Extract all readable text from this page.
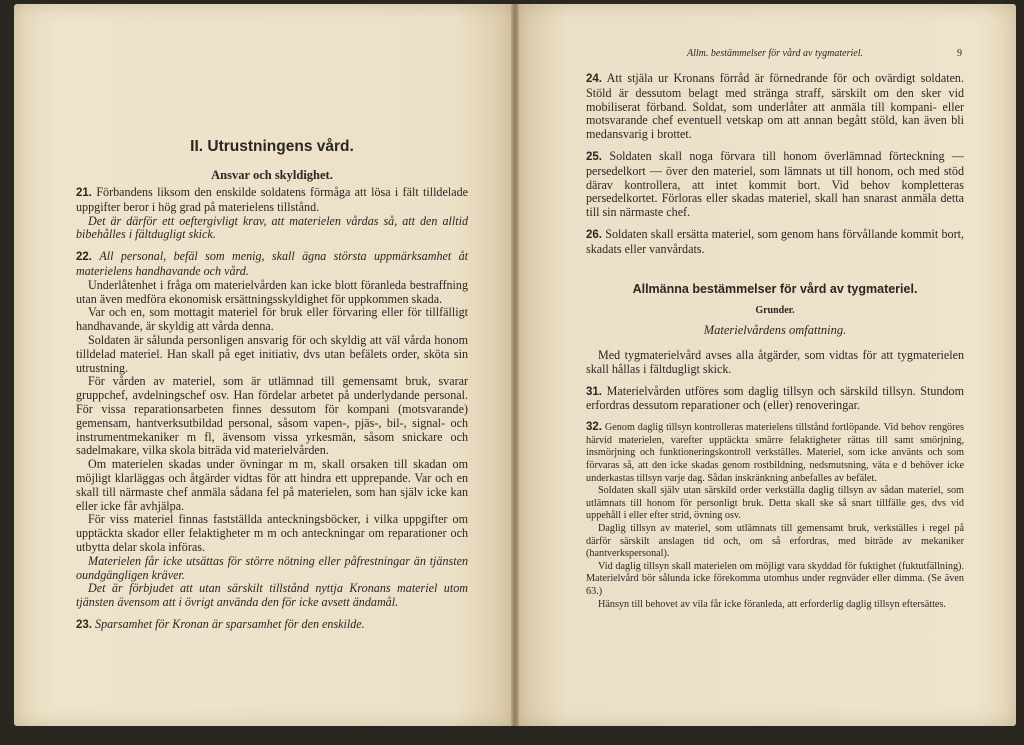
II. Utrustningens vård.
Ansvar och skyldighet.

21. Förbandens liksom den enskilde soldatens förmåga att lösa i fält tilldelade uppgifter beror i hög grad på materielens tillstånd.

Det är därför ett oeftergivligt krav, att materielen vårdas så, att den alltid bibehålles i fältdugligt skick.

22. All personal, befäl som menig, skall ägna största uppmärksamhet åt materielens handhavande och vård.

Underlåtenhet i fråga om materielvården kan icke blott föranleda bestraffning utan även medföra ekonomisk ersättningsskyldighet för uppkommen skada.

Var och en, som mottagit materiel för bruk eller förvaring eller för tillfälligt handhavande, är skyldig att vårda denna.

Soldaten är sålunda personligen ansvarig för och skyldig att väl vårda honom tilldelad materiel. Han skall på eget initiativ, dvs utan befälets order, sköta sin utrustning.

För vården av materiel, som är utlämnad till gemensamt bruk, svarar gruppchef, avdelningschef osv. Han fördelar arbetet på underlydande personal. För vissa reparationsarbeten finnes dessutom för kompani (motsvarande) gemensam, hantverksutbildad personal, såsom vapen-, pjäs-, bil-, signal- och instrumentmekaniker m fl, ävensom vissa yrkesmän, såsom snickare och sadelmakare, vilka skola biträda vid materielvården.

Om materielen skadas under övningar m m, skall orsaken till skadan om möjligt klarläggas och åtgärder vidtas för att hindra ett upprepande. Var och en skall till närmaste chef anmäla sådana fel på materielen, som han själv icke kan eller icke får avhjälpa.

För viss materiel finnas fastställda anteckningsböcker, i vilka uppgifter om upptäckta skador eller felaktigheter m m och anteckningar om reparationer och utbytta delar skola införas.

Materielen får icke utsättas för större nötning eller påfrestningar än tjänsten oundgängligen kräver.

Det är förbjudet att utan särskilt tillstånd nyttja Kronans materiel utom tjänsten ävensom att i övrigt använda den för icke avsett ändamål.

23. Sparsamhet för Kronan är sparsamhet för den enskilde.

Allm. bestämmelser för vård av tygmateriel.	9

24. Att stjäla ur Kronans förråd är förnedrande för och ovärdigt soldaten. Stöld är dessutom belagt med stränga straff, särskilt om den sker vid mobiliserat förband. Soldat, som underlåter att anmäla till kompani- eller motsvarande chef eventuell vetskap om att annan begått stöld, kan även bli medansvarig i brottet.

25. Soldaten skall noga förvara till honom överlämnad förteckning — persedelkort — över den materiel, som lämnats ut till honom, och med stöd därav kontrollera, att intet kommit bort. Vid behov kompletteras persedelkortet. Förloras eller skadas materiel, skall han snarast anmäla detta till sin närmaste chef.

26. Soldaten skall ersätta materiel, som genom hans förvållande kommit bort, skadats eller vanvårdats.

Allmänna bestämmelser för vård av tygmateriel.
Grunder.
Materielvårdens omfattning.

Med tygmaterielvård avses alla åtgärder, som vidtas för att tygmaterielen skall hållas i fältdugligt skick.

31. Materielvården utföres som daglig tillsyn och särskild tillsyn. Stundom erfordras dessutom reparationer och (eller) renoveringar.

32. Genom daglig tillsyn kontrolleras materielens tillstånd fortlöpande. Vid behov rengöres härvid materielen, varefter upptäckta smärre felaktigheter rättas till samt smörjning, insmörjning och funktioneringskontroll verkställes. Materiel, som icke använts och som förvaras så, att den icke skadas genom rostbildning, nedsmutsning, väta e d behöver icke underkastas tillsyn varje dag. Sådan inskränkning anbefalles av befälet.

Soldaten skall själv utan särskild order verkställa daglig tillsyn av sådan materiel, som utlämnats till honom för personligt bruk. Detta skall ske så snart tillfälle ges, dvs vid uppehåll i eller efter strid, övning osv.

Daglig tillsyn av materiel, som utlämnats till gemensamt bruk, verkställes i regel på därför särskilt anslagen tid och, om så erfordras, med biträde av mekaniker (hantverkspersonal).

Vid daglig tillsyn skall materielen om möjligt vara skyddad för fuktighet (fuktutfällning). Materielvård bör sålunda icke förekomma utomhus under regnväder eller dimma. (Se även 63.)

Hänsyn till behovet av vila får icke föranleda, att erforderlig daglig tillsyn eftersättes.
